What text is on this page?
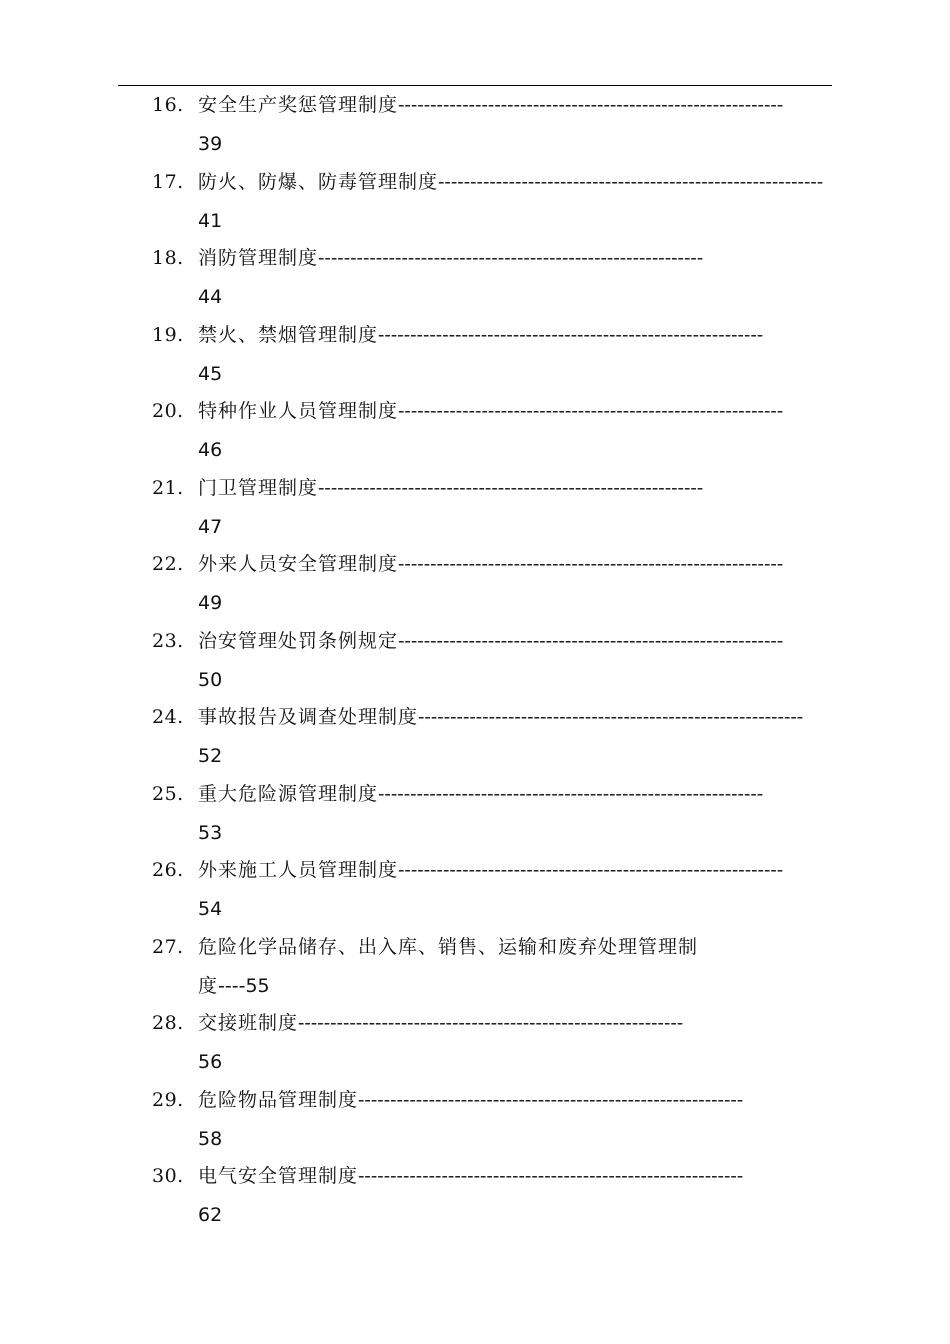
16. 安全生产奖惩管理制度------------------------------------------------------------
39
17. 防火、防爆、防毒管理制度------------------------------------------------------------
41
18. 消防管理制度------------------------------------------------------------
44
19. 禁火、禁烟管理制度------------------------------------------------------------
45
20. 特种作业人员管理制度------------------------------------------------------------
46
21. 门卫管理制度------------------------------------------------------------
47
22. 外来人员安全管理制度------------------------------------------------------------
49
23. 治安管理处罚条例规定------------------------------------------------------------
50
24. 事故报告及调查处理制度------------------------------------------------------------
52
25. 重大危险源管理制度------------------------------------------------------------
53
26. 外来施工人员管理制度------------------------------------------------------------
54
27. 危险化学品储存、出入库、销售、运输和废弃处理管理制
度----55
28. 交接班制度------------------------------------------------------------
56
29. 危险物品管理制度------------------------------------------------------------
58
30. 电气安全管理制度------------------------------------------------------------
62
